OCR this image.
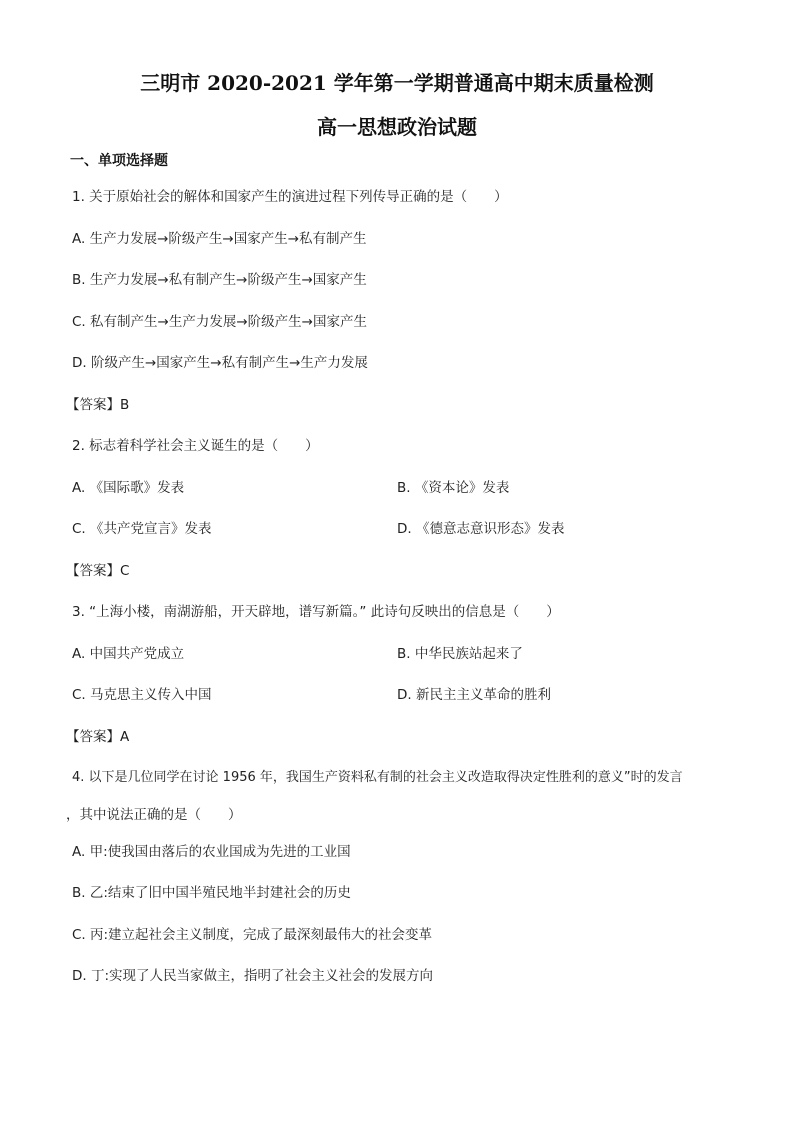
三明市 2020-2021 学年第一学期普通高中期末质量检测
高一思想政治试题
一、单项选择题
1. 关于原始社会的解体和国家产生的演进过程下列传导正确的是（　　）
A. 生产力发展→阶级产生→国家产生→私有制产生
B. 生产力发展→私有制产生→阶级产生→国家产生
C. 私有制产生→生产力发展→阶级产生→国家产生
D. 阶级产生→国家产生→私有制产生→生产力发展
【答案】B
2. 标志着科学社会主义诞生的是（　　）
A. 《国际歌》发表	B. 《资本论》发表
C. 《共产党宣言》发表	D. 《德意志意识形态》发表
【答案】C
3. “上海小楼，南湖游船，开天辟地，谱写新篇。” 此诗句反映出的信息是（　　）
A. 中国共产党成立	B. 中华民族站起来了
C. 马克思主义传入中国	D. 新民主主义革命的胜利
【答案】A
4. 以下是几位同学在讨论 1956 年，我国生产资料私有制的社会主义改造取得决定性胜利的意义”时的发言
，其中说法正确的是（　　）
A. 甲:使我国由落后的农业国成为先进的工业国
B. 乙:结束了旧中国半殖民地半封建社会的历史
C. 丙:建立起社会主义制度，完成了最深刻最伟大的社会变革
D. 丁:实现了人民当家做主，指明了社会主义社会的发展方向
